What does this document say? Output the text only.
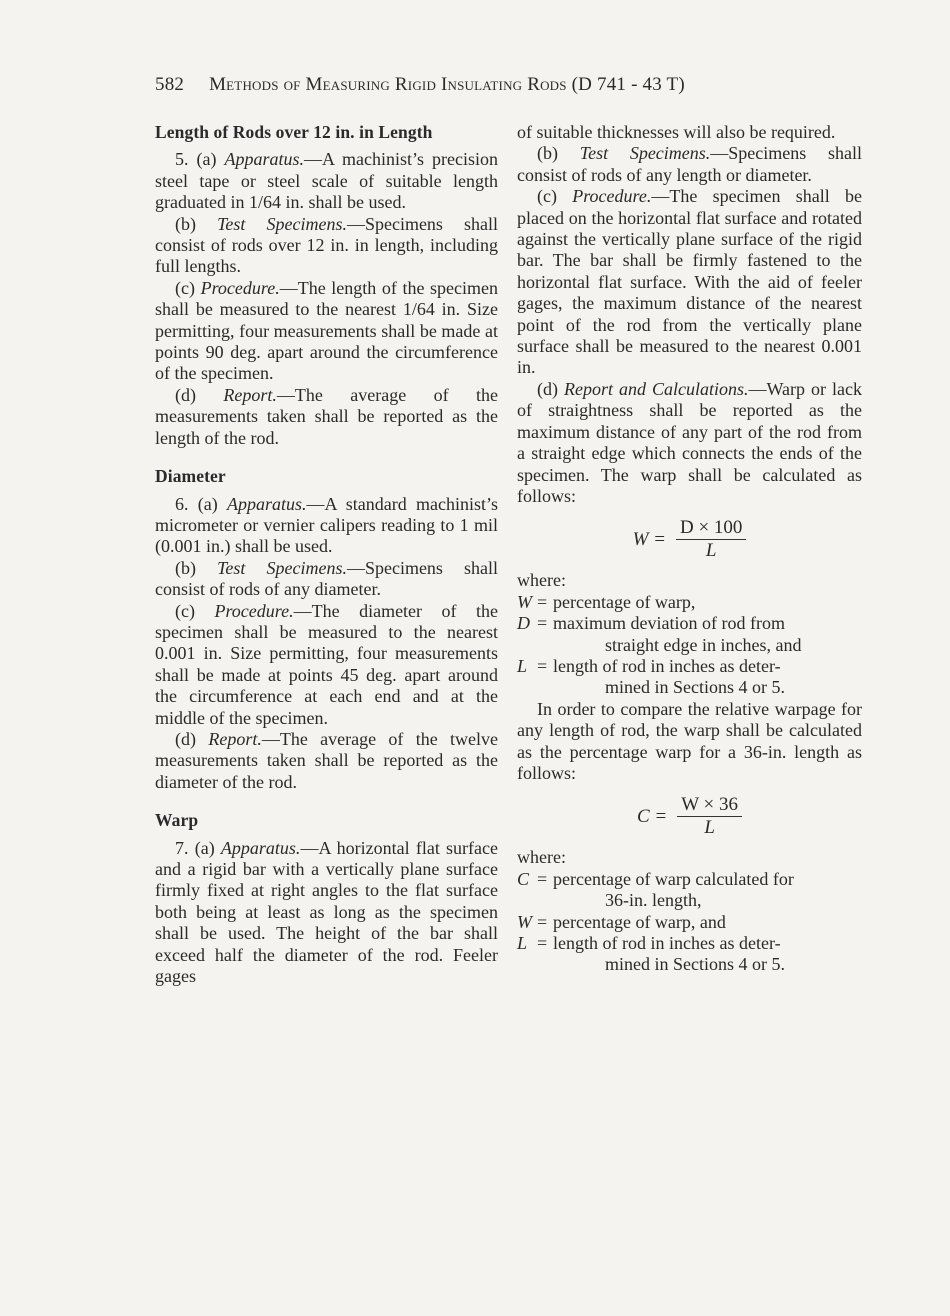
582 Methods of Measuring Rigid Insulating Rods (D 741 - 43 T)
Length of Rods over 12 in. in Length

5. (a) Apparatus.—A machinist’s precision steel tape or steel scale of suitable length graduated in 1/64 in. shall be used.

(b) Test Specimens.—Specimens shall consist of rods over 12 in. in length, including full lengths.

(c) Procedure.—The length of the specimen shall be measured to the nearest 1/64 in. Size permitting, four measurements shall be made at points 90 deg. apart around the circumference of the specimen.

(d) Report.—The average of the measurements taken shall be reported as the length of the rod.

Diameter

6. (a) Apparatus.—A standard machinist’s micrometer or vernier calipers reading to 1 mil (0.001 in.) shall be used.

(b) Test Specimens.—Specimens shall consist of rods of any diameter.

(c) Procedure.—The diameter of the specimen shall be measured to the nearest 0.001 in. Size permitting, four measurements shall be made at points 45 deg. apart around the circumference at each end and at the middle of the specimen.

(d) Report.—The average of the twelve measurements taken shall be reported as the diameter of the rod.

Warp

7. (a) Apparatus.—A horizontal flat surface and a rigid bar with a vertically plane surface firmly fixed at right angles to the flat surface both being at least as long as the specimen shall be used. The height of the bar shall exceed half the diameter of the rod. Feeler gages

of suitable thicknesses will also be required.

(b) Test Specimens.—Specimens shall consist of rods of any length or diameter.

(c) Procedure.—The specimen shall be placed on the horizontal flat surface and rotated against the vertically plane surface of the rigid bar. The bar shall be firmly fastened to the horizontal flat surface. With the aid of feeler gages, the maximum distance of the nearest point of the rod from the vertically plane surface shall be measured to the nearest 0.001 in.

(d) Report and Calculations.—Warp or lack of straightness shall be reported as the maximum distance of any part of the rod from a straight edge which connects the ends of the specimen. The warp shall be calculated as follows:

$W = \frac{D \times 100}{L}$

where:

W = percentage of warp,
D = maximum deviation of rod from
straight edge in inches, and
L = length of rod in inches as deter-
mined in Sections 4 or 5.

In order to compare the relative warpage for any length of rod, the warp shall be calculated as the percentage warp for a 36-in. length as follows:

$C = \frac{W \times 36}{L}$

where:

C = percentage of warp calculated for
36-in. length,
W = percentage of warp, and
L = length of rod in inches as deter-
mined in Sections 4 or 5.
